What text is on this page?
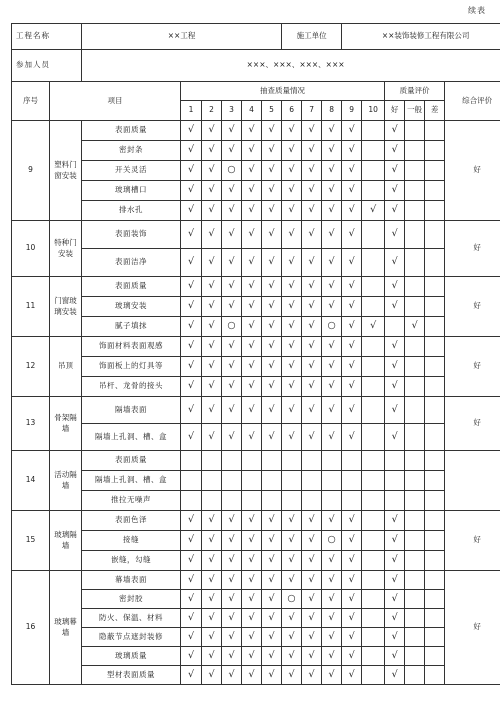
续表
工程名称		××工程						施工单位			××装饰装修工程有限公司					
参加人员		×××、×××、×××、×××														
序号	项目		抽查质量情况										质量评价			综合评价
			1	2	3	4	5	6	7	8	9	10	好	一般	差	
9	塑料门窗安装	表面质量	√	√	√	√	√	√	√	√	√		√			好
		密封条	√	√	√	√	√	√	√	√	√		√			
		开关灵活	√	√	○	√	√	√	√	√	√		√			
		玻璃槽口	√	√	√	√	√	√	√	√	√		√			
		排水孔	√	√	√	√	√	√	√	√	√	√	√			
10	特种门安装	表面装饰	√	√	√	√	√	√	√	√	√		√			好
		表面洁净	√	√	√	√	√	√	√	√	√		√			
11	门窗玻璃安装	表面质量	√	√	√	√	√	√	√	√	√		√			好
		玻璃安装	√	√	√	√	√	√	√	√	√		√			
		腻子填抹	√	√	○	√	√	√	√	○	√	√		√		
12	吊顶	饰面材料表面观感	√	√	√	√	√	√	√	√	√		√			好
		饰面板上的灯具等	√	√	√	√	√	√	√	√	√		√			
		吊杆、龙骨的接头	√	√	√	√	√	√	√	√	√		√			
13	骨架隔墙	隔墙表面	√	√	√	√	√	√	√	√	√		√			好
		隔墙上孔洞、槽、盒	√	√	√	√	√	√	√	√	√		√			
14	活动隔墙	表面质量														
		隔墙上孔洞、槽、盒														
		推拉无噪声														
15	玻璃隔墙	表面色泽	√	√	√	√	√	√	√	√	√		√			好
		接缝	√	√	√	√	√	√	√	○	√		√			
		嵌缝，勾缝	√	√	√	√	√	√	√	√	√		√			
16	玻璃幕墙	幕墙表面	√	√	√	√	√	√	√	√	√		√			好
		密封胶	√	√	√	√	√	○	√	√	√		√			
		防火、保温、材料	√	√	√	√	√	√	√	√	√		√			
		隐蔽节点遮封装修	√	√	√	√	√	√	√	√	√		√			
		玻璃质量	√	√	√	√	√	√	√	√	√		√			
		型材表面质量	√	√	√	√	√	√	√	√	√		√			
